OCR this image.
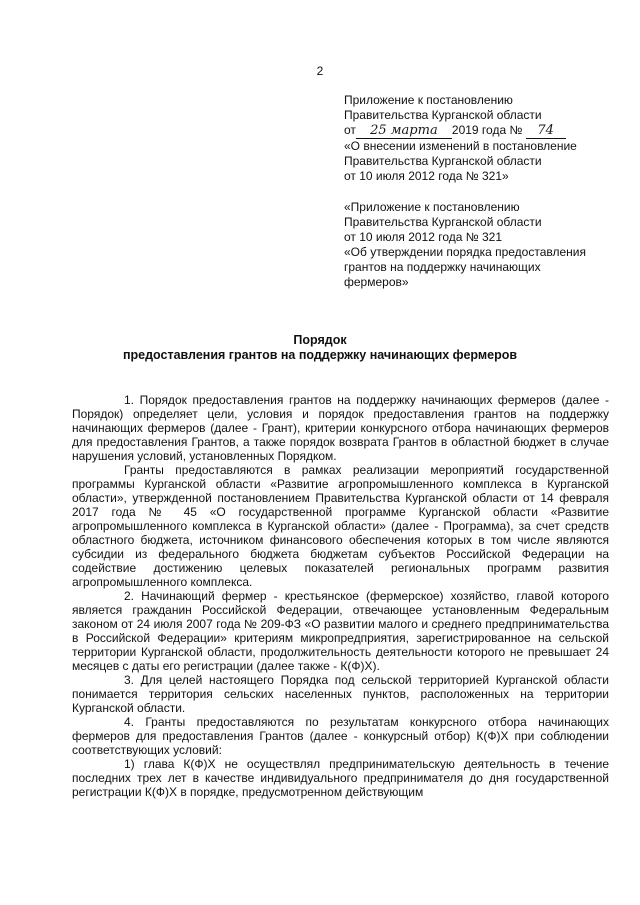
2
Приложение к постановлению
Правительства Курганской области
от 25 марта 2019 года № 74
«О внесении изменений в постановление
Правительства Курганской области
от 10 июля 2012 года № 321»
«Приложение к постановлению
Правительства Курганской области
от 10 июля 2012 года № 321
«Об утверждении порядка предоставления
грантов на поддержку начинающих
фермеров»
Порядок
предоставления грантов на поддержку начинающих фермеров

1. Порядок предоставления грантов на поддержку начинающих фермеров (далее - Порядок) определяет цели, условия и порядок предоставления грантов на поддержку начинающих фермеров (далее - Грант), критерии конкурсного отбора начинающих фермеров для предоставления Грантов, а также порядок возврата Грантов в областной бюджет в случае нарушения условий, установленных Порядком.

Гранты предоставляются в рамках реализации мероприятий государственной программы Курганской области «Развитие агропромышленного комплекса в Курганской области», утвержденной постановлением Правительства Курганской области от 14 февраля 2017 года № 45 «О государственной программе Курганской области «Развитие агропромышленного комплекса в Курганской области» (далее - Программа), за счет средств областного бюджета, источником финансового обеспечения которых в том числе являются субсидии из федерального бюджета бюджетам субъектов Российской Федерации на содействие достижению целевых показателей региональных программ развития агропромышленного комплекса.

2. Начинающий фермер - крестьянское (фермерское) хозяйство, главой которого является гражданин Российской Федерации, отвечающее установленным Федеральным законом от 24 июля 2007 года № 209-ФЗ «О развитии малого и среднего предпринимательства в Российской Федерации» критериям микропредприятия, зарегистрированное на сельской территории Курганской области, продолжительность деятельности которого не превышает 24 месяцев с даты его регистрации (далее также - К(Ф)Х).

3. Для целей настоящего Порядка под сельской территорией Курганской области понимается территория сельских населенных пунктов, расположенных на территории Курганской области.

4. Гранты предоставляются по результатам конкурсного отбора начинающих фермеров для предоставления Грантов (далее - конкурсный отбор) К(Ф)Х при соблюдении соответствующих условий:

1) глава К(Ф)Х не осуществлял предпринимательскую деятельность в течение последних трех лет в качестве индивидуального предпринимателя до дня государственной регистрации К(Ф)Х в порядке, предусмотренном действующим
